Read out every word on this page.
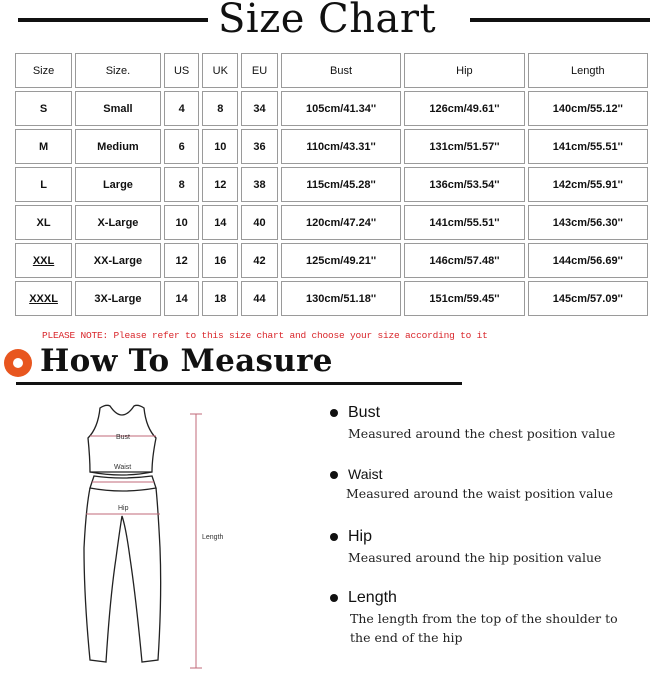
Size Chart
Size	Size.	US	UK	EU	Bust	Hip	Length
S	Small	4	8	34	105cm/41.34''	126cm/49.61''	140cm/55.12''
M	Medium	6	10	36	110cm/43.31''	131cm/51.57''	141cm/55.51''
L	Large	8	12	38	115cm/45.28''	136cm/53.54''	142cm/55.91''
XL	X-Large	10	14	40	120cm/47.24''	141cm/55.51''	143cm/56.30''
XXL	XX-Large	12	16	42	125cm/49.21''	146cm/57.48''	144cm/56.69''
XXXL	3X-Large	14	18	44	130cm/51.18''	151cm/59.45''	145cm/57.09''
PLEASE NOTE: Please refer to this size chart and choose your size according to it
How To Measure
Bust
Waist
Hip
Length
Bust
Measured around the chest position value
Waist
Measured around the waist position value
Hip
Measured around the hip position value
Length
The length from the top of the shoulder to the end of the hip
